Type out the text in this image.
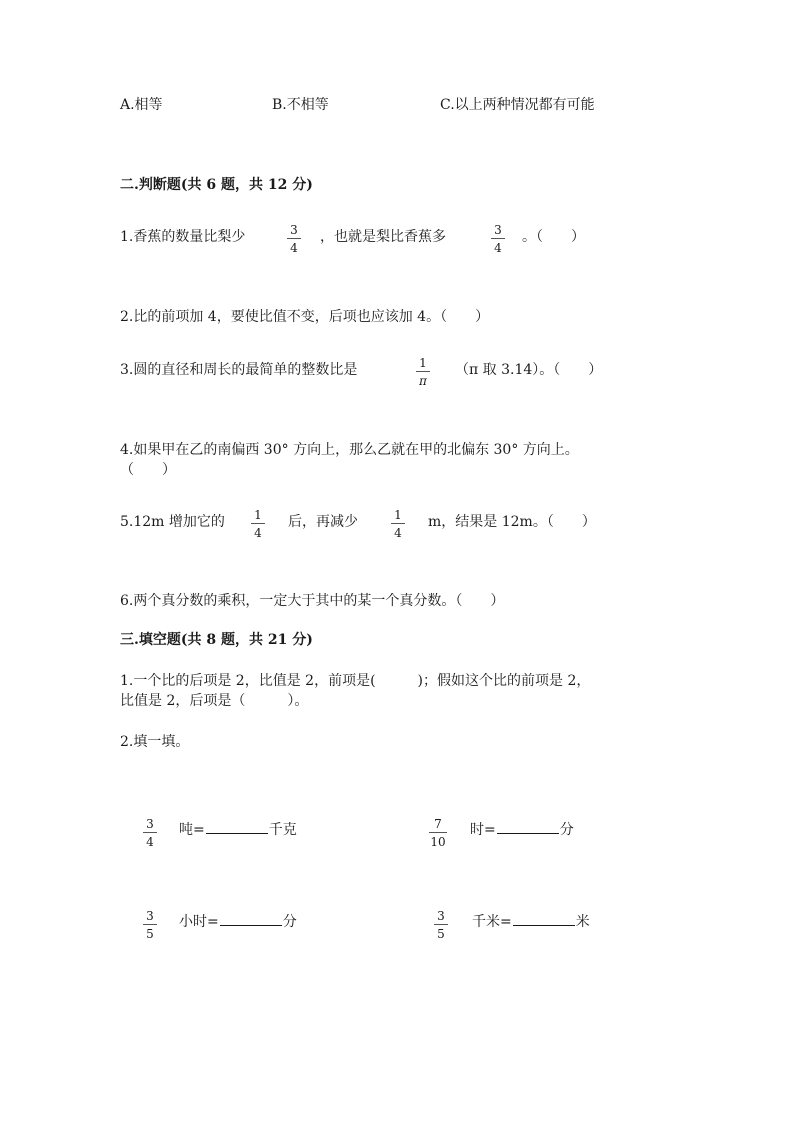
A.相等	B.不相等	C.以上两种情况都有可能
二.判断题(共 6 题，共 12 分)
1.香蕉的数量比梨少	3
4
，也就是梨比香蕉多	3
4
。（　　）
2.比的前项加 4，要使比值不变，后项也应该加 4。（　　）
3.圆的直径和周长的最简单的整数比是	1
π
（π 取 3.14）。（　　）
4.如果甲在乙的南偏西 30° 方向上，那么乙就在甲的北偏东 30° 方向上。
（　　）
5.12m 增加它的	1
4
后，再减少	1
4
m，结果是 12m。（　　）
6.两个真分数的乘积，一定大于其中的某一个真分数。（　　）
三.填空题(共 8 题，共 21 分)
1.一个比的后项是 2，比值是 2，前项是(　　　)；假如这个比的前项是 2，
比值是 2，后项是（　　　）。
2.填一填。
3
4
吨=	千克	7
10
时=	分
3
5
小时=	分	3
5
千米=	米
